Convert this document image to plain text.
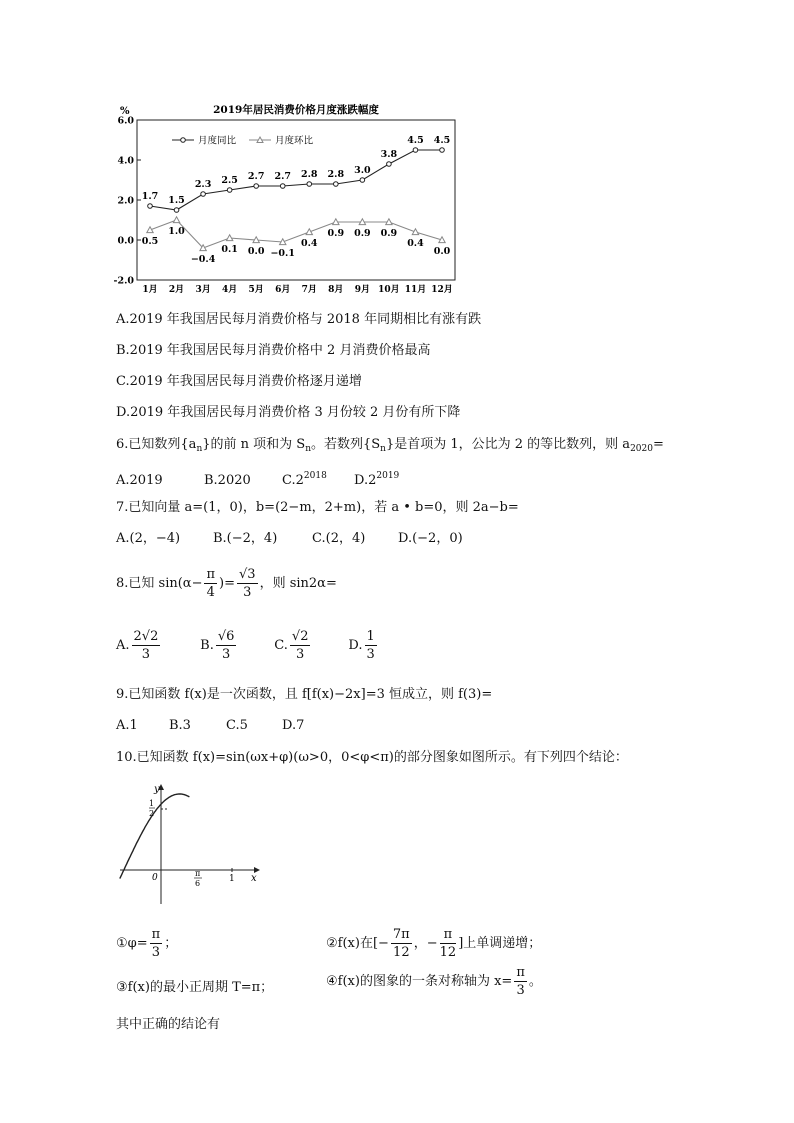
2019年居民消费价格月度涨跌幅度
%
6.0
4.0
2.0
0.0
-2.0
1月 2月 3月 4月 5月 6月 7月 8月 9月 10月 11月 12月
月度同比	月度环比
1.7 1.5
2.3 2.5 2.7 2.7 2.8 2.8 3.0
3.8
4.5 4.5
0.5
1.0
−0.4
0.1 0.0 −0.1
0.4
0.9 0.9 0.9
0.4
0.0
A.2019 年我国居民每月消费价格与 2018 年同期相比有涨有跌
B.2019 年我国居民每月消费价格中 2 月消费价格最高
C.2019 年我国居民每月消费价格逐月递增
D.2019 年我国居民每月消费价格 3 月份较 2 月份有所下降
6.已知数列$\{a_n\}$的前 n 项和为 $S_n$。若数列$\{S_n\}$是首项为 1，公比为 2 的等比数列，则 $a_{2020}=$
A.2019	B.2020 $C.2^{2018}$ $D.2^{2019}$
7.已知向量 a=(1，0)，b=(2−m，2+m)，若 a • b=0，则 2a−b=
A.(2，−4)	B.(−2，4)	C.(2，4)	D.(−2，0)
8.已知 $\sin(\alpha- \frac{\pi}{4}$ )= $\frac{√3}{3}$ ，则 sin2α=
A. $\frac{2√2}{3}$	B. $\frac{√6}{3}$	C. $\frac{√2}{3}$	D. $\frac{1}{3}$
9.已知函数 f(x)是一次函数，且 f[f(x)−2x]=3 恒成立，则 f(3)=
A.1 B.3	C.5	D.7
10.已知函数 f(x)=sin(ωx+φ)(ω>0，0<φ<π)的部分图象如图所示。有下列四个结论：
y
1
2
0	π
6	1 x
①φ= $\frac{\pi}{3}$ ；	②f(x)在[− $\frac{7\pi}{12}$ ，− $\frac{\pi}{12}$ ]上单调递增；
③f(x)的最小正周期 T=π；	④f(x)的图象的一条对称轴为 $x= \frac{\pi}{3}$ 。
其中正确的结论有
